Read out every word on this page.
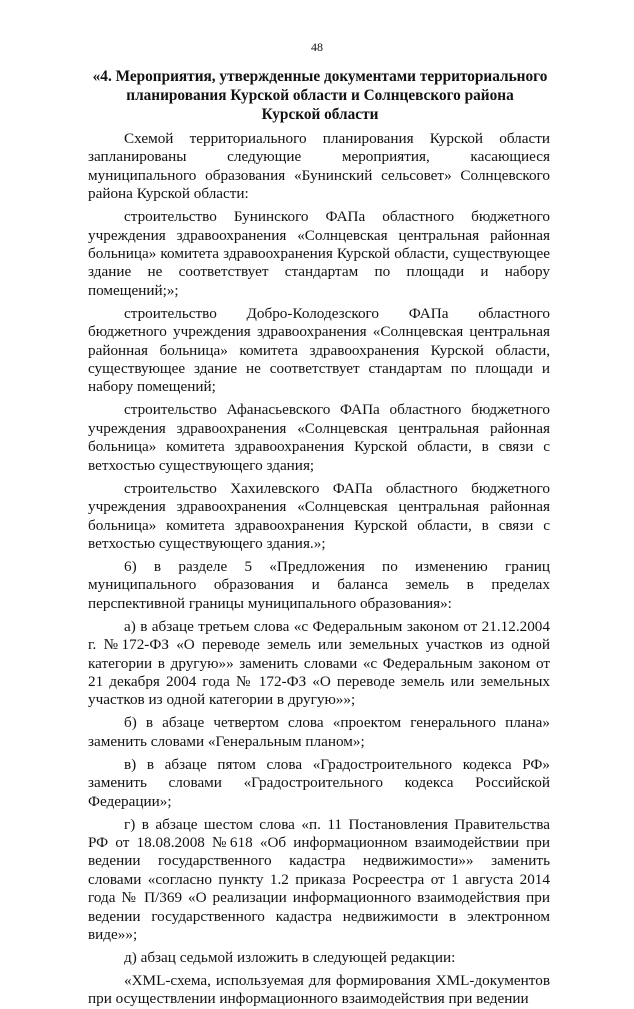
48
«4. Мероприятия, утвержденные документами территориального
планирования Курской области и Солнцевского района
Курской области

Схемой территориального планирования Курской области запланированы следующие мероприятия, касающиеся муниципального образования «Бунинский сельсовет» Солнцевского района Курской области:

строительство Бунинского ФАПа областного бюджетного учреждения здравоохранения «Солнцевская центральная районная больница» комитета здравоохранения Курской области, существующее здание не соответствует стандартам по площади и набору помещений;»;

строительство Добро-Колодезского ФАПа областного бюджетного учреждения здравоохранения «Солнцевская центральная районная больница» комитета здравоохранения Курской области, существующее здание не соответствует стандартам по площади и набору помещений;

строительство Афанасьевского ФАПа областного бюджетного учреждения здравоохранения «Солнцевская центральная районная больница» комитета здравоохранения Курской области, в связи с ветхостью существующего здания;

строительство Хахилевского ФАПа областного бюджетного учреждения здравоохранения «Солнцевская центральная районная больница» комитета здравоохранения Курской области, в связи с ветхостью существующего здания.»;

6) в разделе 5 «Предложения по изменению границ муниципального образования и баланса земель в пределах перспективной границы муниципального образования»:

а) в абзаце третьем слова «с Федеральным законом от 21.12.2004 г. №172-ФЗ «О переводе земель или земельных участков из одной категории в другую»» заменить словами «с Федеральным законом от 21 декабря 2004 года № 172-ФЗ «О переводе земель или земельных участков из одной категории в другую»»;

б) в абзаце четвертом слова «проектом генерального плана» заменить словами «Генеральным планом»;

в) в абзаце пятом слова «Градостроительного кодекса РФ» заменить словами «Градостроительного кодекса Российской Федерации»;

г) в абзаце шестом слова «п. 11 Постановления Правительства РФ от 18.08.2008 №618 «Об информационном взаимодействии при ведении государственного кадастра недвижимости»» заменить словами «согласно пункту 1.2 приказа Росреестра от 1 августа 2014 года № П/369 «О реализации информационного взаимодействия при ведении государственного кадастра недвижимости в электронном виде»»;

д) абзац седьмой изложить в следующей редакции:

«XML-схема, используемая для формирования XML-документов при осуществлении информационного взаимодействия при ведении
